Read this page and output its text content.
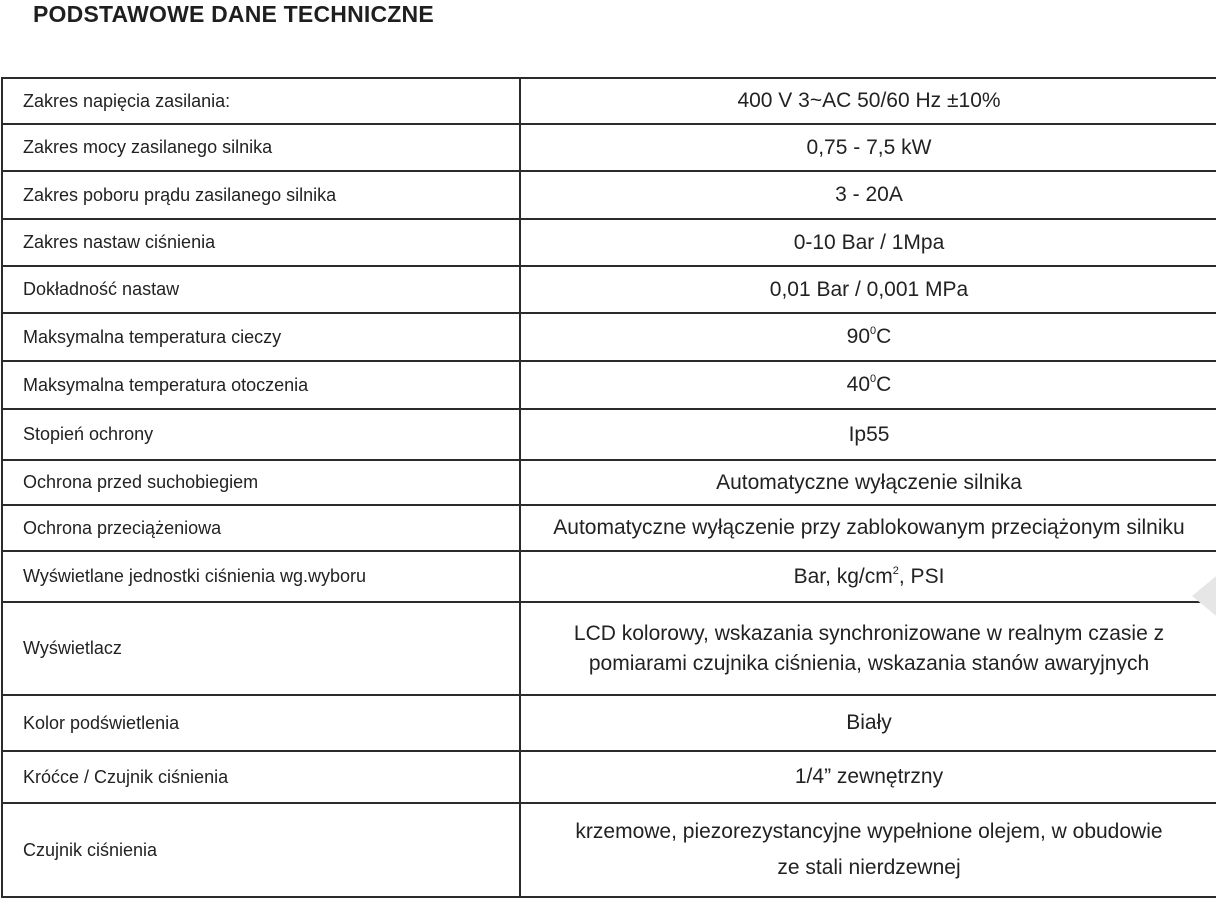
PODSTAWOWE DANE TECHNICZNE
Zakres napięcia zasilania:	400 V 3~AC 50/60 Hz ±10%
Zakres mocy zasilanego silnika	0,75 - 7,5 kW
Zakres poboru prądu zasilanego silnika	3 - 20A
Zakres nastaw ciśnienia	0-10 Bar / 1Mpa
Dokładność nastaw	0,01 Bar / 0,001 MPa
Maksymalna temperatura cieczy	$90^0C$
Maksymalna temperatura otoczenia	$40^0C$
Stopień ochrony	Ip55
Ochrona przed suchobiegiem	Automatyczne wyłączenie silnika
Ochrona przeciążeniowa	Automatyczne wyłączenie przy zablokowanym przeciążonym silniku
Wyświetlane jednostki ciśnienia wg.wyboru	Bar, $kg/cm^2$, PSI
Wyświetlacz	LCD kolorowy, wskazania synchronizowane w realnym czasie z
pomiarami czujnika ciśnienia, wskazania stanów awaryjnych

Kolor podświetlenia	Biały
Króćce / Czujnik ciśnienia	1/4” zewnętrzny
Czujnik ciśnienia	krzemowe, piezorezystancyjne wypełnione olejem, w obudowie
ze stali nierdzewnej
